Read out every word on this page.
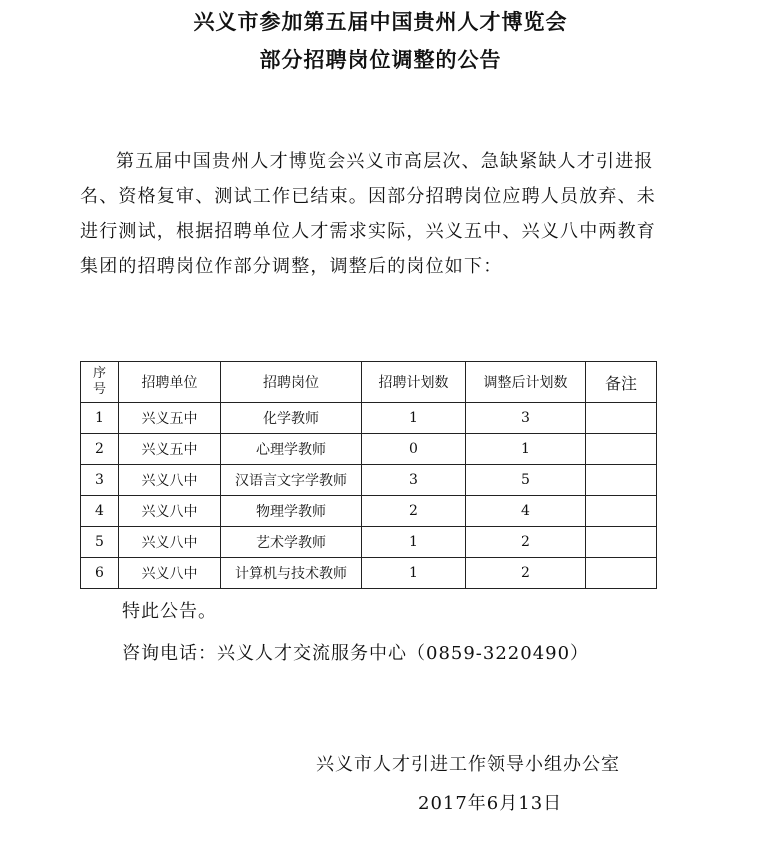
兴义市参加第五届中国贵州人才博览会
部分招聘岗位调整的公告

第五届中国贵州人才博览会兴义市高层次、急缺紧缺人才引进报名、资格复审、测试工作已结束。因部分招聘岗位应聘人员放弃、未进行测试，根据招聘单位人才需求实际，兴义五中、兴义八中两教育集团的招聘岗位作部分调整，调整后的岗位如下：

序号	招聘单位	招聘岗位	招聘计划数	调整后计划数	备注
1	兴义五中	化学教师	1	3	
2	兴义五中	心理学教师	0	1	
3	兴义八中	汉语言文字学教师	3	5	
4	兴义八中	物理学教师	2	4	
5	兴义八中	艺术学教师	1	2	
6	兴义八中	计算机与技术教师	1	2	
特此公告。
咨询电话：兴义人才交流服务中心（0859-3220490）
兴义市人才引进工作领导小组办公室
2017年6月13日
